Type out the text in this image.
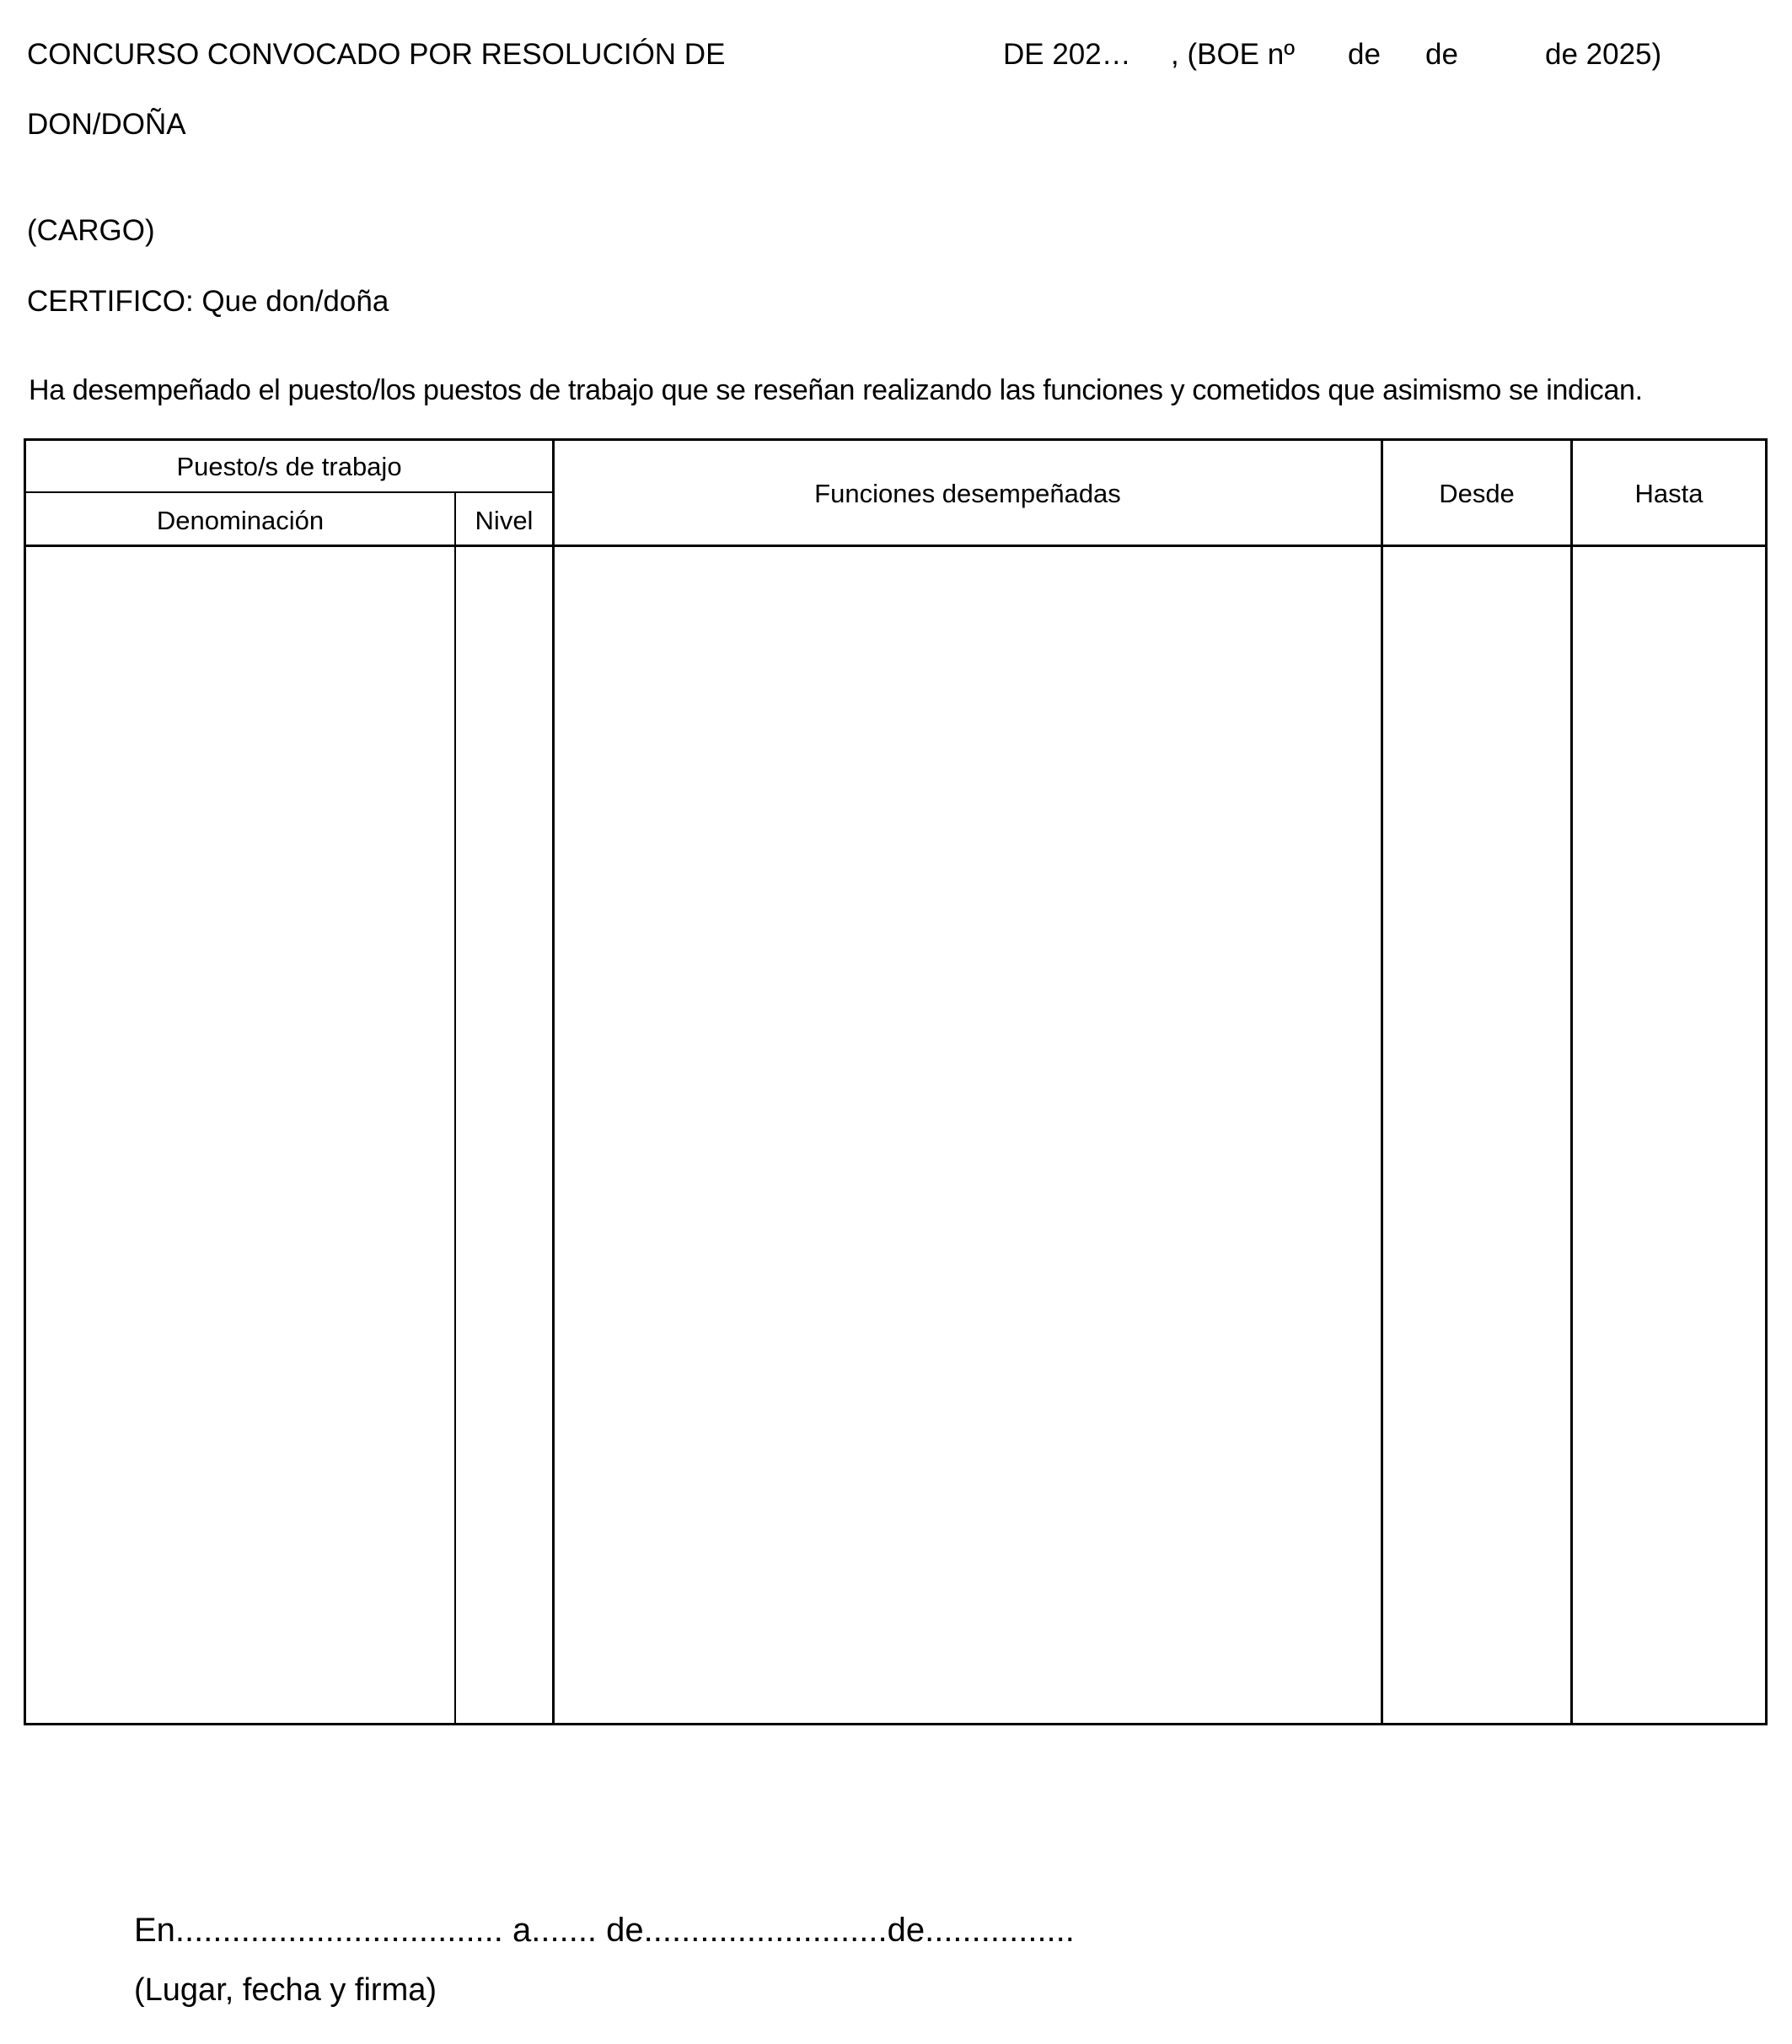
CONCURSO CONVOCADO POR RESOLUCIÓN DE	DE 202… , (BOE nº de de	de 2025)
DON/DOÑA
(CARGO)
CERTIFICO: Que don/doña
Ha desempeñado el puesto/los puestos de trabajo que se reseñan realizando las funciones y cometidos que asimismo se indican.
Puesto/s de trabajo
Denominación	Nivel
Funciones desempeñadas	Desde	Hasta
En................................... a....... de..........................de................
(Lugar, fecha y firma)
